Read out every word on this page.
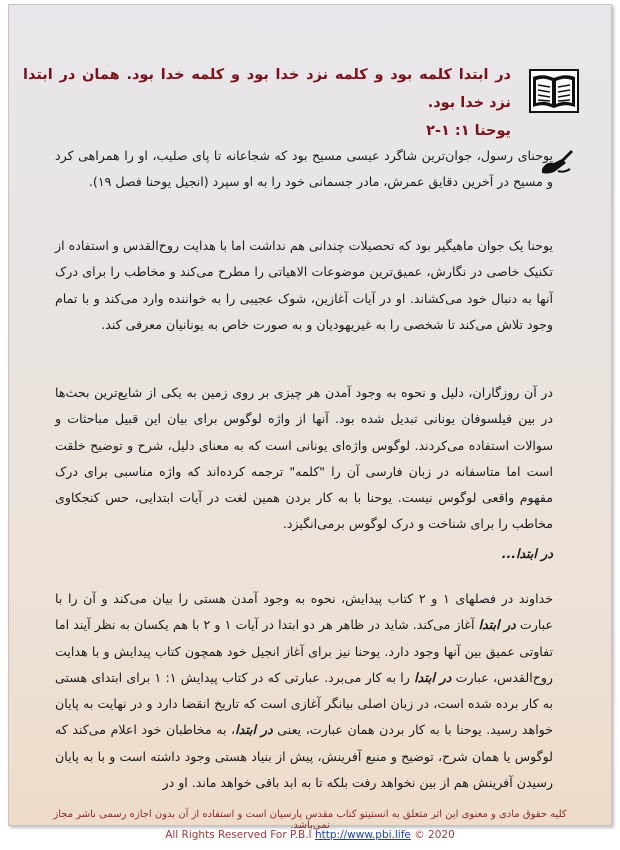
در ابتدا کلمه بود و کلمه نزد خدا بود و کلمه خدا بود. همان در ابتدا نزد خدا بود.
یوحنا ۱: ۱-۲
یوحنای رسول، جوان‌ترین شاگرد عیسی مسیح بود که شجاعانه تا پای صلیب، او را همراهی کرد و مسیح در آخرین دقایق عمرش، مادر جسمانی خود را به او سپرد (انجیل یوحنا فصل ۱۹).
یوحنا یک جوان ماهیگیر بود که تحصیلات چندانی هم نداشت اما با هدایت روح‌القدس و استفاده از تکنیک خاصی در نگارش، عمیق‌ترین موضوعات الاهیاتی را مطرح می‌کند و مخاطب را برای درک آنها به دنبال خود می‌کشاند. او در آیات آغازین، شوک عجیبی را به خواننده وارد می‌کند و با تمام وجود تلاش می‌کند تا شخصی را به غیریهودیان و به صورت خاص به یونانیان معرفی کند.
در آن روزگاران، دلیل و نحوه به وجود آمدن هر چیزی بر روی زمین به یکی از شایع‌ترین بحث‌ها در بین فیلسوفان یونانی تبدیل شده بود. آنها از واژه لوگوس برای بیان این قبیل مباحثات و سوالات استفاده می‌کردند. لوگوس واژه‌ای یونانی است که به معنای دلیل، شرح و توضیح خلقت است اما متاسفانه در زبان فارسی آن را "کلمه" ترجمه کرده‌اند که واژه مناسبی برای درک مفهوم واقعی لوگوس نیست. یوحنا با به کار بردن همین لغت در آیات ابتدایی، حس کنجکاوی مخاطب را برای شناخت و درک لوگوس برمی‌انگیزد.
در ابتدا...
خداوند در فصلهای ۱ و ۲ کتاب پیدایش، نحوه به وجود آمدن هستی را بیان می‌کند و آن را با عبارت در ابتدا آغاز می‌کند. شاید در ظاهر هر دو ابتدا در آیات ۱ و ۲ با هم یکسان به نظر آیند اما تفاوتی عمیق بین آنها وجود دارد. یوحنا نیز برای آغاز انجیل خود همچون کتاب پیدایش و با هدایت روح‌القدس، عبارت در ابتدا را به کار می‌برد. عبارتی که در کتاب پیدایش ۱: ۱ برای ابتدای هستی به کار برده شده است، در زبان اصلی بیانگر آغازی است که تاریخ انقضا دارد و در نهایت به پایان خواهد رسید. یوحنا با به کار بردن همان عبارت، یعنی در ابتدا، به مخاطبان خود اعلام می‌کند که لوگوس یا همان شرح، توضیح و منبع آفرینش، پیش از بنیاد هستی وجود داشته است و با به پایان رسیدن آفرینش هم از بین نخواهد رفت بلکه تا به ابد باقی خواهد ماند. او در
کلیه حقوق مادی و معنوی این اثر متعلق به انستیتو کتاب مقدس پارسیان است و استفاده از آن بدون اجازه رسمی ناشر مجاز نمی‌باشد.
All Rights Reserved For P.B.I http://www.pbi.life © 2020
